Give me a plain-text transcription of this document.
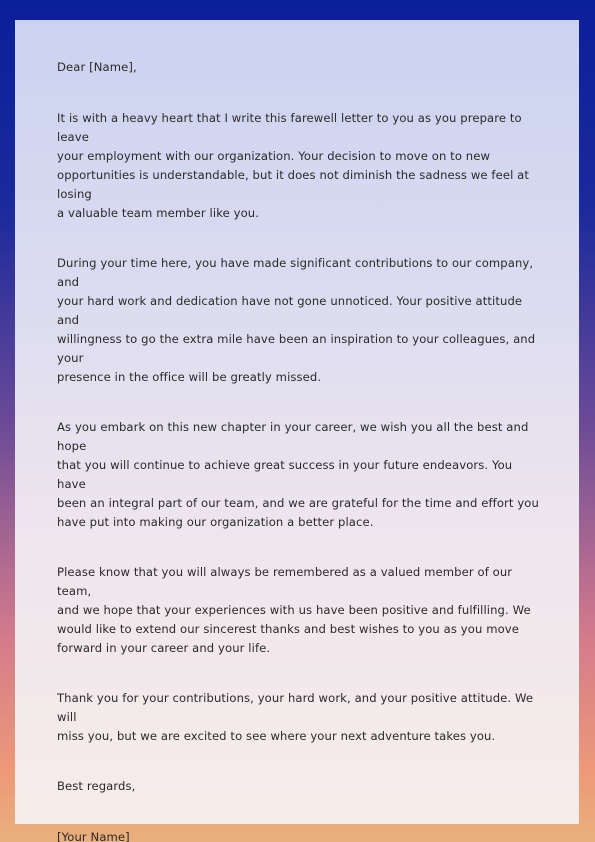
Dear [Name],

It is with a heavy heart that I write this farewell letter to you as you prepare to leave
your employment with our organization. Your decision to move on to new
opportunities is understandable, but it does not diminish the sadness we feel at losing
a valuable team member like you.

During your time here, you have made significant contributions to our company, and
your hard work and dedication have not gone unnoticed. Your positive attitude and
willingness to go the extra mile have been an inspiration to your colleagues, and your
presence in the office will be greatly missed.

As you embark on this new chapter in your career, we wish you all the best and hope
that you will continue to achieve great success in your future endeavors. You have
been an integral part of our team, and we are grateful for the time and effort you
have put into making our organization a better place.

Please know that you will always be remembered as a valued member of our team,
and we hope that your experiences with us have been positive and fulfilling. We
would like to extend our sincerest thanks and best wishes to you as you move
forward in your career and your life.

Thank you for your contributions, your hard work, and your positive attitude. We will
miss you, but we are excited to see where your next adventure takes you.

Best regards,

[Your Name]
